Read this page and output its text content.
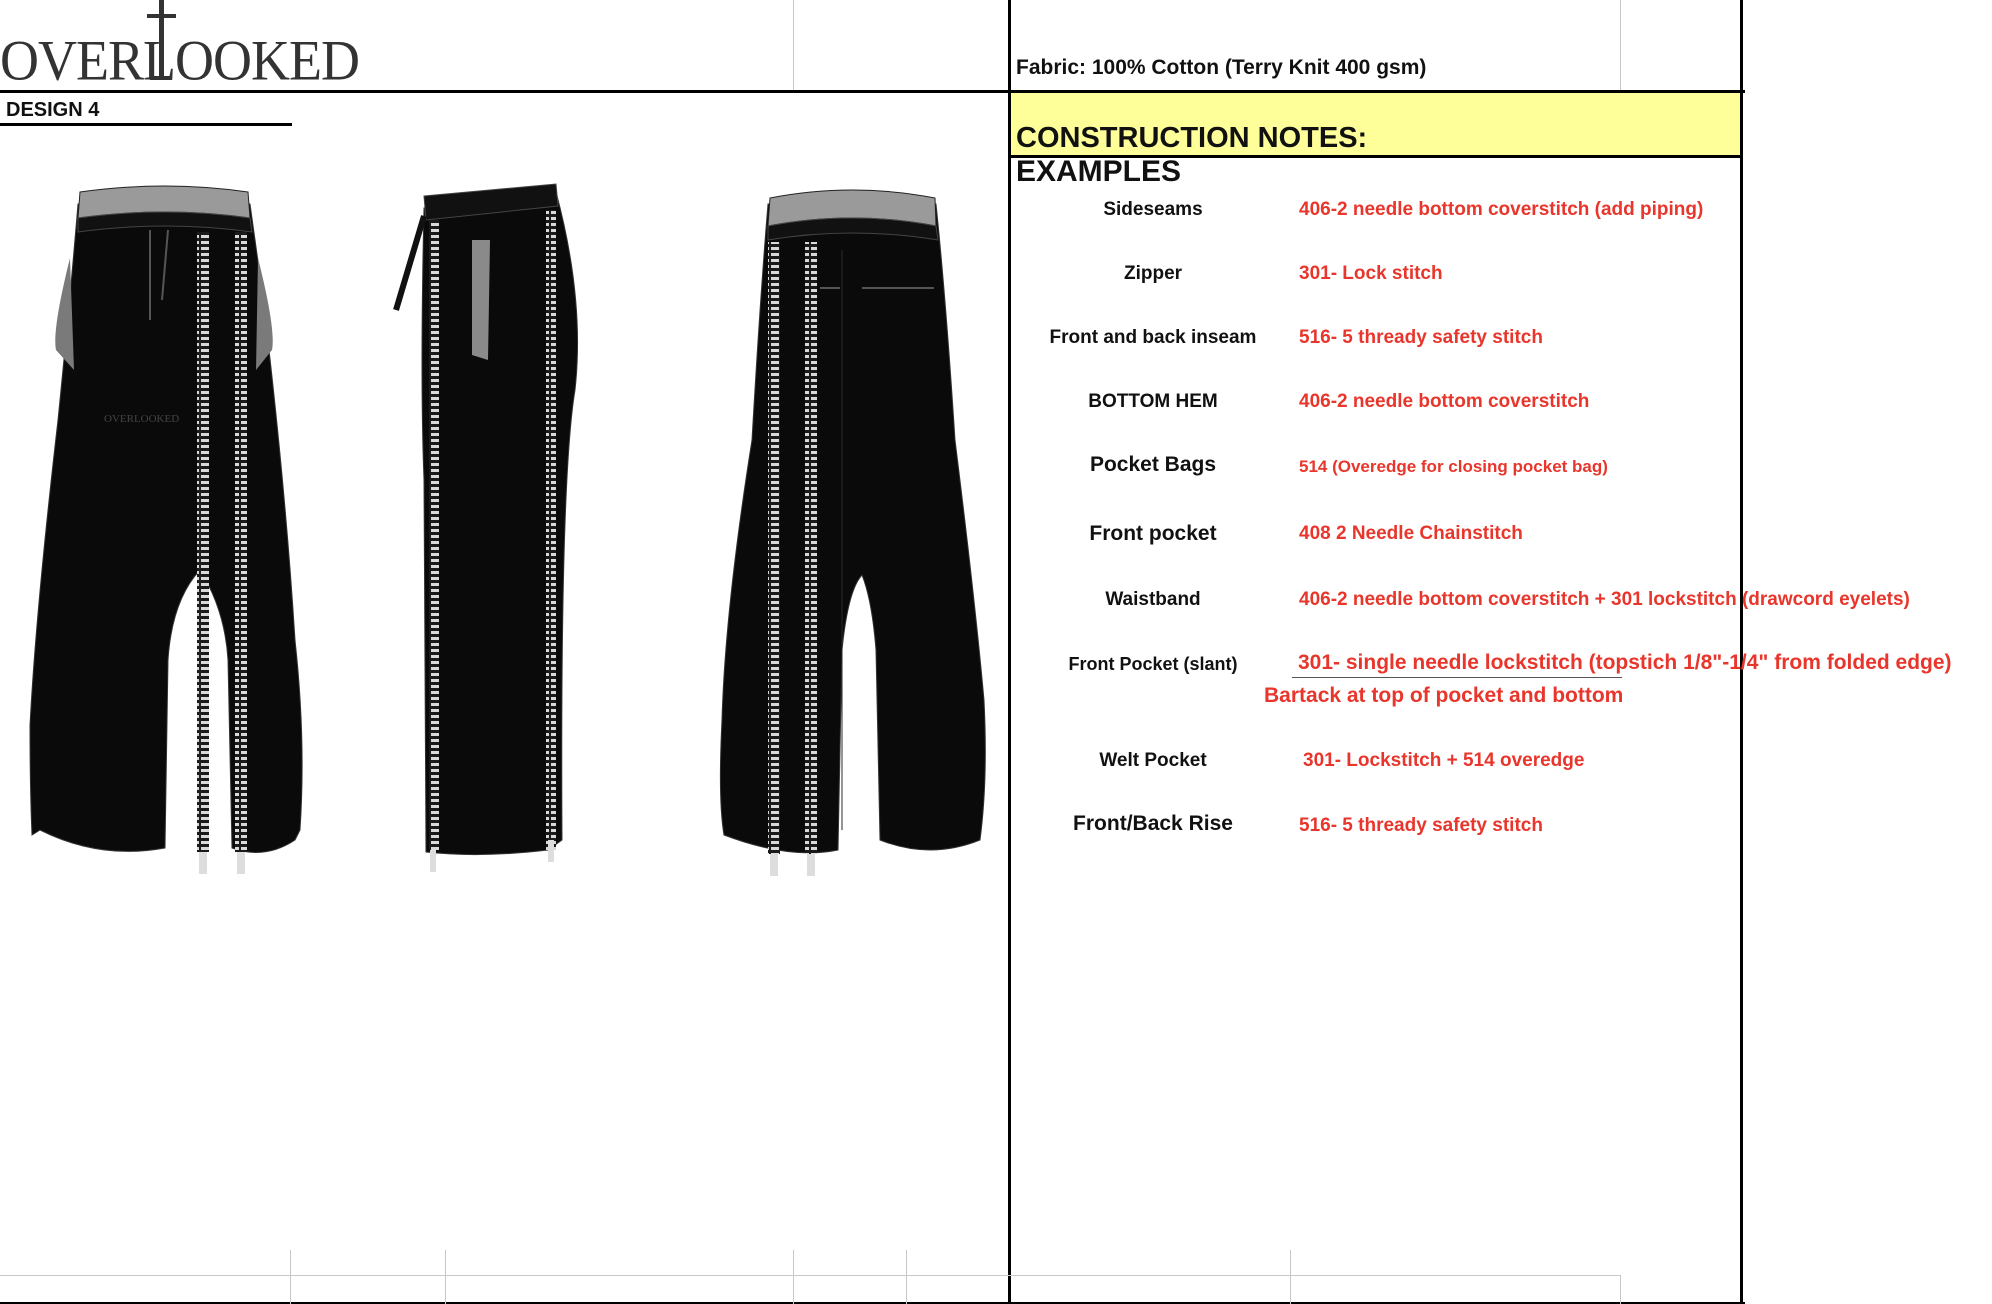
OVERLOOKED	Fabric: 100% Cotton (Terry Knit 400 gsm)
DESIGN 4
CONSTRUCTION NOTES:
EXAMPLES
Sideseams	406-2 needle bottom coverstitch (add piping)
Zipper	301- Lock stitch
Front and back inseam	516- 5 thready safety stitch
BOTTOM HEM	406-2 needle bottom coverstitch
Pocket Bags	514 (Overedge for closing pocket bag)
Front pocket	408 2 Needle Chainstitch
Waistband	406-2 needle bottom coverstitch + 301 lockstitch (drawcord eyelets)
Front Pocket (slant)	301- single needle lockstitch (topstich 1/8"-1/4" from folded edge)
Bartack at top of pocket and bottom
Welt Pocket	301- Lockstitch + 514 overedge
Front/Back Rise	516- 5 thready safety stitch
OVERLOOKED
